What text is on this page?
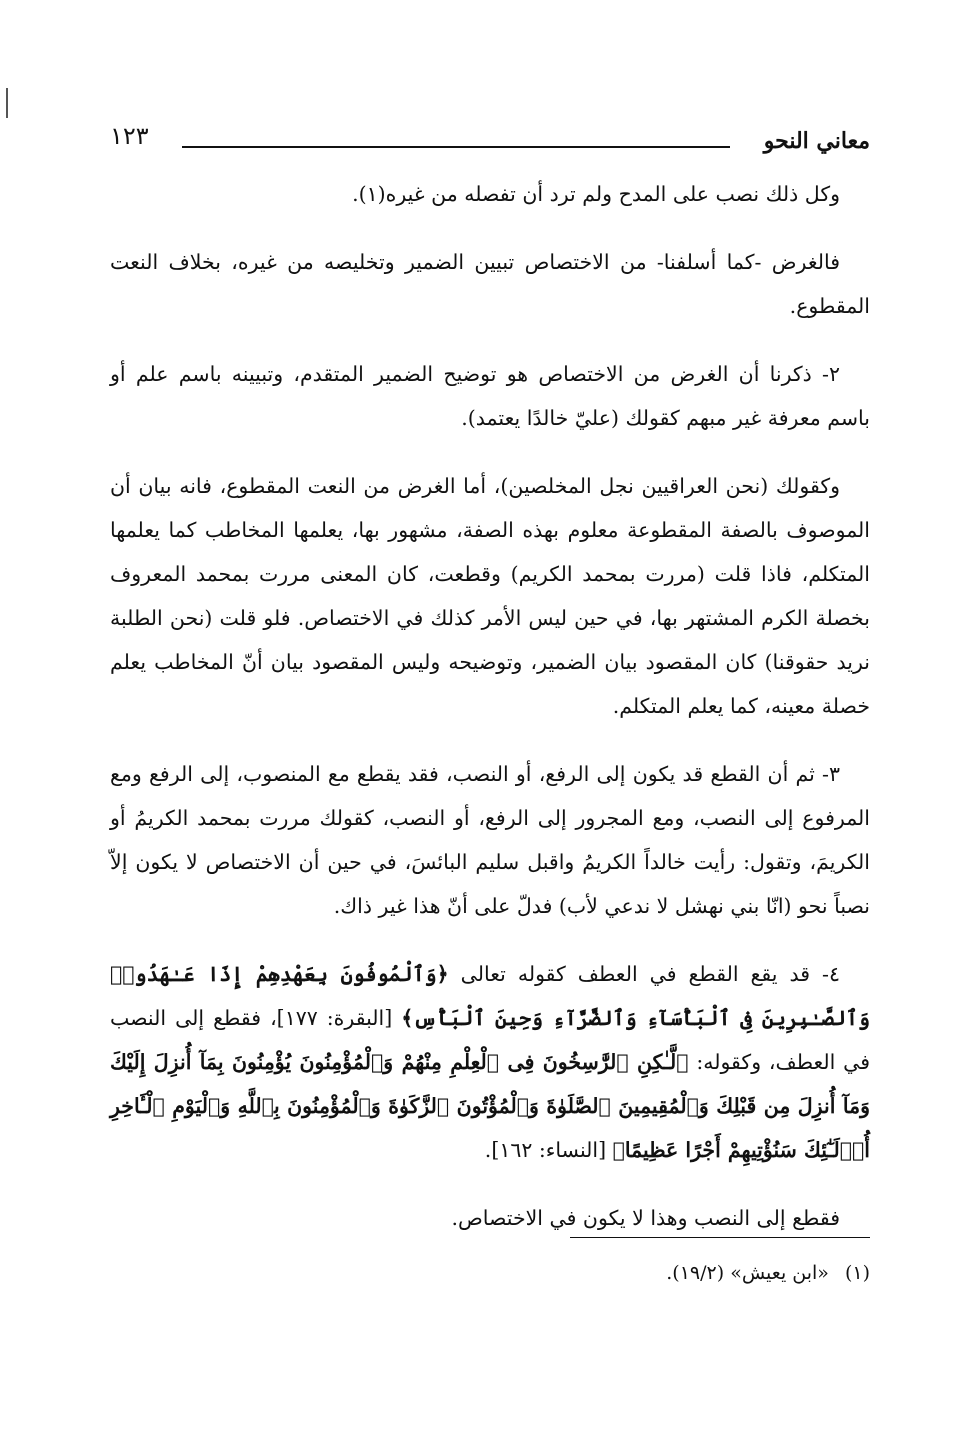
معاني النحو
١٢٣

وكل ذلك نصب على المدح ولم ترد أن تفصله من غيره(١).

فالغرض -كما أسلفنا- من الاختصاص تبيين الضمير وتخليصه من غيره، بخلاف النعت المقطوع.

٢- ذكرنا أن الغرض من الاختصاص هو توضيح الضمير المتقدم، وتبيينه باسم علم أو باسم معرفة غير مبهم كقولك (عليّ خالدًا يعتمد).

وكقولك (نحن العراقيين نجل المخلصين)، أما الغرض من النعت المقطوع، فانه بيان أن الموصوف بالصفة المقطوعة معلوم بهذه الصفة، مشهور بها، يعلمها المخاطب كما يعلمها المتكلم، فاذا قلت (مررت بمحمد الكريم) وقطعت، كان المعنى مررت بمحمد المعروف بخصلة الكرم المشتهر بها، في حين ليس الأمر كذلك في الاختصاص. فلو قلت (نحن الطلبة نريد حقوقنا) كان المقصود بيان الضمير، وتوضيحه وليس المقصود بيان أنّ المخاطب يعلم خصلة معينه، كما يعلم المتكلم.

٣- ثم أن القطع قد يكون إلى الرفع، أو النصب، فقد يقطع مع المنصوب، إلى الرفع ومع المرفوع إلى النصب، ومع المجرور إلى الرفع، أو النصب، كقولك مررت بمحمد الكريمُ أو الكريمَ، وتقول: رأيت خالداً الكريمُ واقبل سليم البائسَ، في حين أن الاختصاص لا يكون إلاّ نصباً نحو (انّا بني نهشل لا ندعي لأب) فدلّ على أنّ هذا غير ذاك.

٤- قد يقع القطع في العطف كقوله تعالى ﴿وَٱلْمُوفُونَ بِعَهْدِهِمْ إِذَا عَـٰهَدُوا۟ وَٱلصَّـٰبِرِينَ فِى ٱلْبَأْسَآءِ وَٱلضَّرَّآءِ وَحِينَ ٱلْبَأْسِ﴾ [البقرة: ١٧٧]، فقطع إلى النصب في العطف، وكقوله: ﴿لَّـٰكِنِ ٱلرَّٰسِخُونَ فِى ٱلْعِلْمِ مِنْهُمْ وَٱلْمُؤْمِنُونَ يُؤْمِنُونَ بِمَآ أُنزِلَ إِلَيْكَ وَمَآ أُنزِلَ مِن قَبْلِكَ وَٱلْمُقِيمِينَ ٱلصَّلَوٰةَ وَٱلْمُؤْتُونَ ٱلزَّكَوٰةَ وَٱلْمُؤْمِنُونَ بِٱللَّهِ وَٱلْيَوْمِ ٱلْـَٔاخِرِ أُو۟لَـٰٓئِكَ سَنُؤْتِيهِمْ أَجْرًا عَظِيمًا﴾ [النساء: ١٦٢].

فقطع إلى النصب وهذا لا يكون في الاختصاص.

(١)«ابن يعيش» (١٩/٢).
